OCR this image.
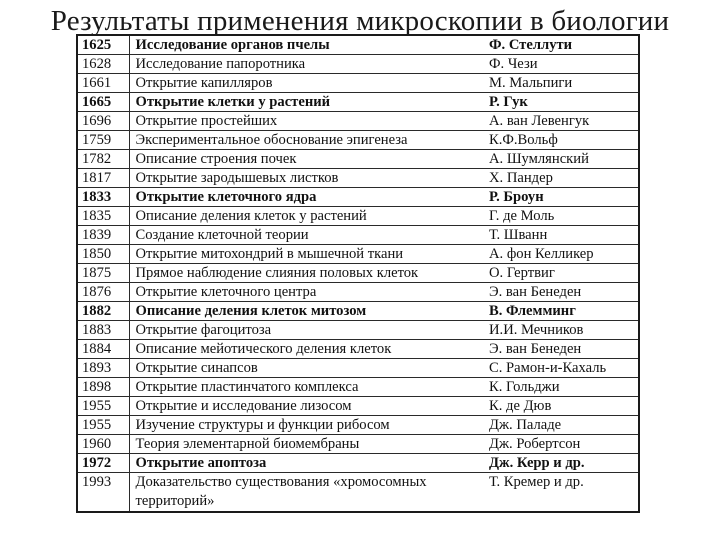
Результаты применения микроскопии в биологии
1625	Исследование органов пчелы	Ф. Стеллути
1628	Исследование папоротника	Ф. Чези
1661	Открытие капилляров	М. Мальпиги
1665	Открытие клетки у растений	Р. Гук
1696	Открытие простейших	А. ван Левенгук
1759	Экспериментальное обоснование эпигенеза	К.Ф.Вольф
1782	Описание строения почек	А. Шумлянский
1817	Открытие зародышевых листков	Х. Пандер
1833	Открытие клеточного ядра	Р. Броун
1835	Описание деления клеток у растений	Г. де Моль
1839	Создание клеточной теории	Т. Шванн
1850	Открытие митохондрий в мышечной ткани	А. фон Келликер
1875	Прямое наблюдение слияния половых клеток	О. Гертвиг
1876	Открытие клеточного центра	Э. ван Бенеден
1882	Описание деления клеток митозом	В. Флемминг
1883	Открытие фагоцитоза	И.И. Мечников
1884	Описание мейотического деления клеток	Э. ван Бенеден
1893	Открытие синапсов	С. Рамон-и-Кахаль
1898	Открытие пластинчатого комплекса	К. Гольджи
1955	Открытие и исследование лизосом	К. де Дюв
1955	Изучение структуры и функции рибосом	Дж. Паладе
1960	Теория элементарной биомембраны	Дж. Робертсон
1972	Открытие апоптоза	Дж. Керр и др.
1993	Доказательство существования «хромосомных территорий»	Т. Кремер и др.
